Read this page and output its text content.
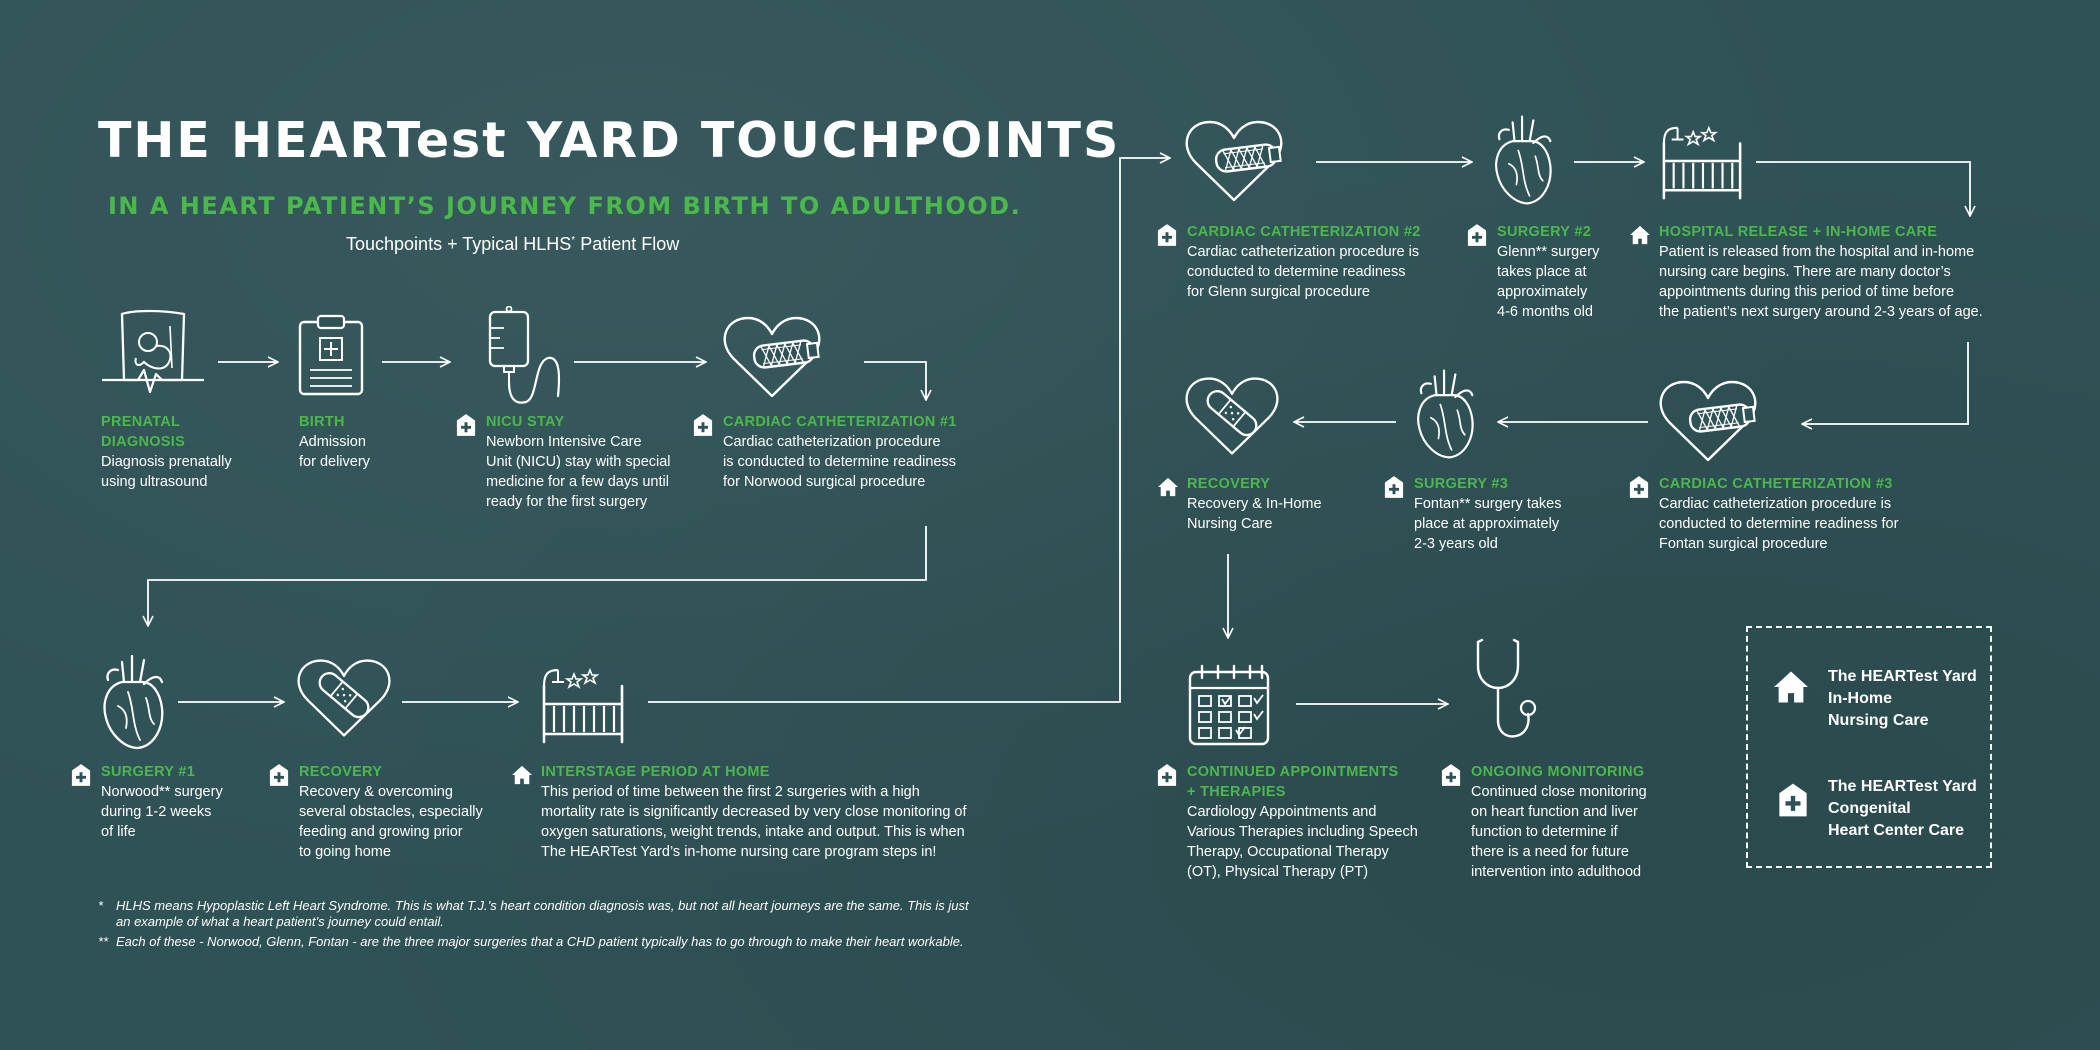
THE HEARTest YARD TOUCHPOINTS
IN A HEART PATIENT’S JOURNEY FROM BIRTH TO ADULTHOOD.
Touchpoints + Typical HLHS* Patient Flow
PRENATAL
DIAGNOSIS
Diagnosis prenatally
using ultrasound
BIRTH
Admission
for delivery
NICU STAY
Newborn Intensive Care
Unit (NICU) stay with special
medicine for a few days until
ready for the first surgery
CARDIAC CATHETERIZATION #1
Cardiac catheterization procedure
is conducted to determine readiness
for Norwood surgical procedure
SURGERY #1
Norwood** surgery
during 1-2 weeks
of life
RECOVERY
Recovery & overcoming
several obstacles, especially
feeding and growing prior
to going home
INTERSTAGE PERIOD AT HOME
This period of time between the first 2 surgeries with a high
mortality rate is significantly decreased by very close monitoring of
oxygen saturations, weight trends, intake and output. This is when
The HEARTest Yard’s in-home nursing care program steps in!
CARDIAC CATHETERIZATION #2
Cardiac catheterization procedure is
conducted to determine readiness
for Glenn surgical procedure
SURGERY #2
Glenn** surgery
takes place at
approximately
4-6 months old
HOSPITAL RELEASE + IN-HOME CARE
Patient is released from the hospital and in-home
nursing care begins. There are many doctor’s
appointments during this period of time before
the patient’s next surgery around 2-3 years of age.
RECOVERY
Recovery & In-Home
Nursing Care
SURGERY #3
Fontan** surgery takes
place at approximately
2-3 years old
CARDIAC CATHETERIZATION #3
Cardiac catheterization procedure is
conducted to determine readiness for
Fontan surgical procedure
CONTINUED APPOINTMENTS
+ THERAPIES
Cardiology Appointments and
Various Therapies including Speech
Therapy, Occupational Therapy
(OT), Physical Therapy (PT)
ONGOING MONITORING
Continued close monitoring
on heart function and liver
function to determine if
there is a need for future
intervention into adulthood
The HEARTest Yard
In-Home
Nursing Care
The HEARTest Yard
Congenital
Heart Center Care
* HLHS means Hypoplastic Left Heart Syndrome. This is what T.J.’s heart condition diagnosis was, but not all heart journeys are the same. This is just an example of what a heart patient’s journey could entail.
** Each of these - Norwood, Glenn, Fontan - are the three major surgeries that a CHD patient typically has to go through to make their heart workable.
